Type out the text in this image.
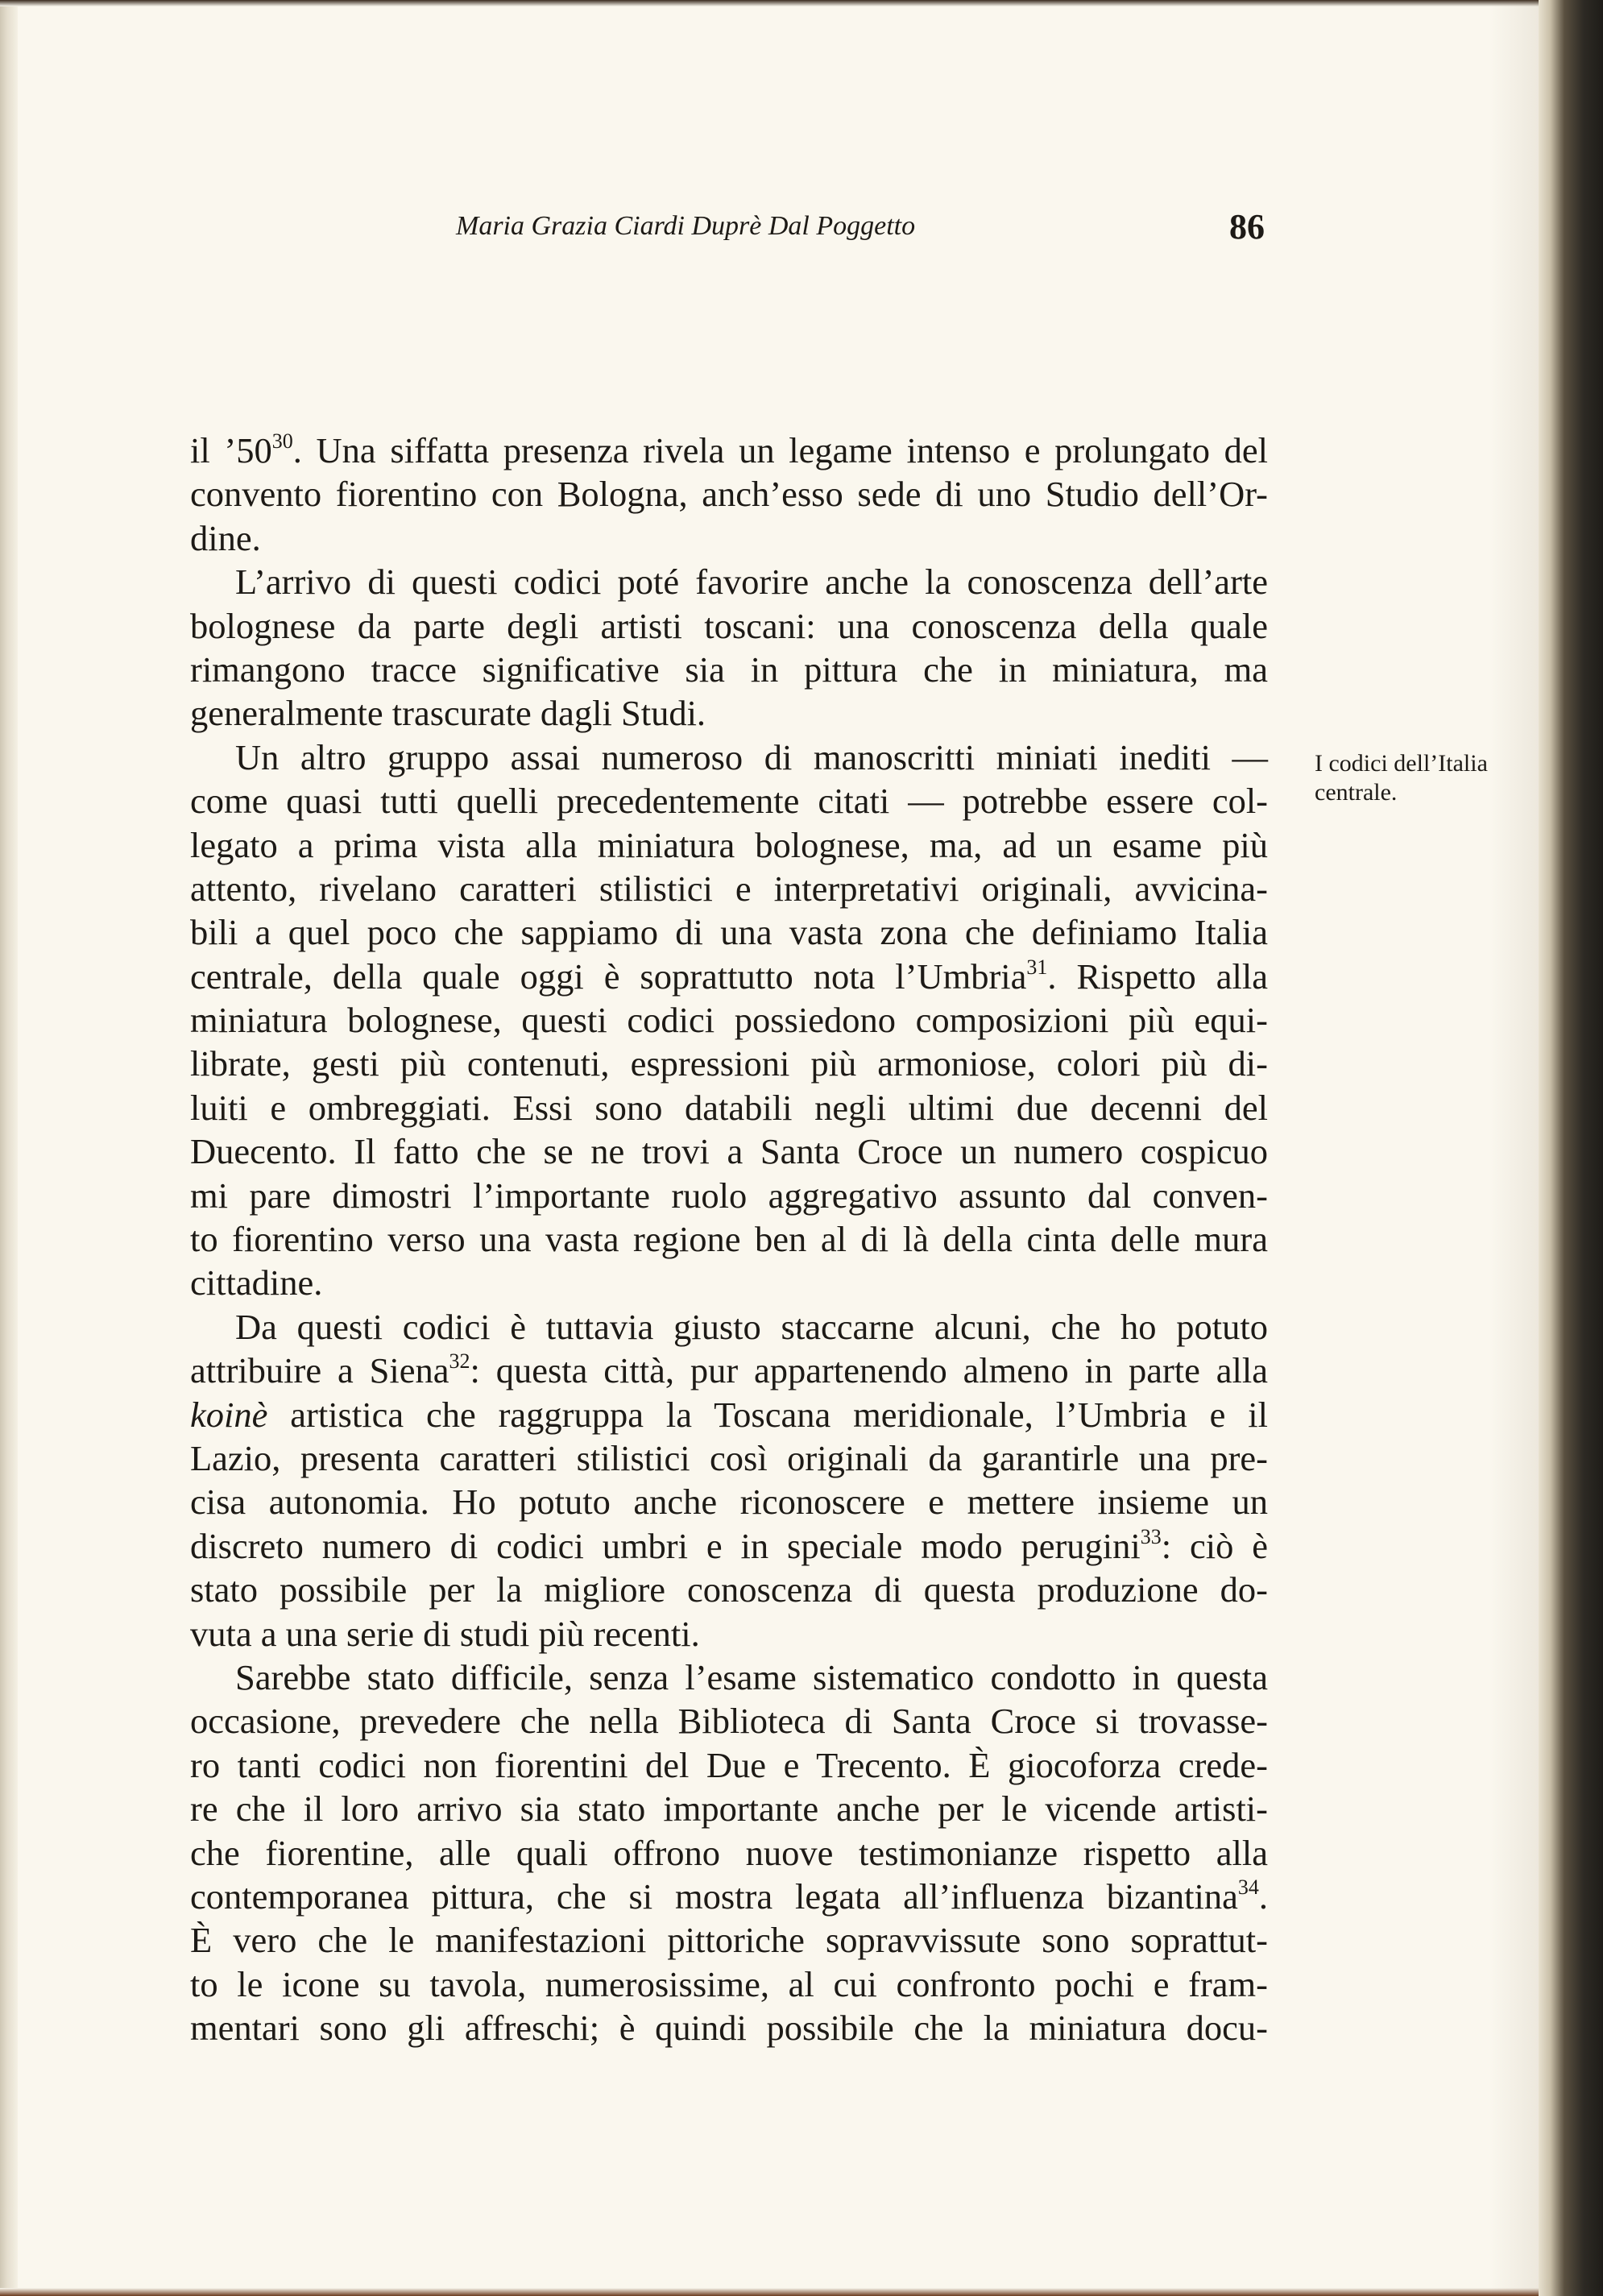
Maria Grazia Ciardi Duprè Dal Poggetto	86
il $’50^{30}$. Una siffatta presenza rivela un legame intenso e prolungato del
convento fiorentino con Bologna, anch’esso sede di uno Studio dell’Or-
dine.
L’arrivo di questi codici poté favorire anche la conoscenza dell’arte
bolognese da parte degli artisti toscani: una conoscenza della quale
rimangono tracce significative sia in pittura che in miniatura, ma
generalmente trascurate dagli Studi.
Un altro gruppo assai numeroso di manoscritti miniati inediti —
come quasi tutti quelli precedentemente citati — potrebbe essere col-
legato a prima vista alla miniatura bolognese, ma, ad un esame più
attento, rivelano caratteri stilistici e interpretativi originali, avvicina-
bili a quel poco che sappiamo di una vasta zona che definiamo Italia
centrale, della quale oggi è soprattutto nota l’Umbria$^{31}$. Rispetto alla
miniatura bolognese, questi codici possiedono composizioni più equi-
librate, gesti più contenuti, espressioni più armoniose, colori più di-
luiti e ombreggiati. Essi sono databili negli ultimi due decenni del
Duecento. Il fatto che se ne trovi a Santa Croce un numero cospicuo
mi pare dimostri l’importante ruolo aggregativo assunto dal conven-
to fiorentino verso una vasta regione ben al di là della cinta delle mura
cittadine.
Da questi codici è tuttavia giusto staccarne alcuni, che ho potuto
attribuire a Siena$^{32}$: questa città, pur appartenendo almeno in parte alla
koinè artistica che raggruppa la Toscana meridionale, l’Umbria e il
Lazio, presenta caratteri stilistici così originali da garantirle una pre-
cisa autonomia. Ho potuto anche riconoscere e mettere insieme un
discreto numero di codici umbri e in speciale modo perugini$^{33}$: ciò è
stato possibile per la migliore conoscenza di questa produzione do-
vuta a una serie di studi più recenti.
Sarebbe stato difficile, senza l’esame sistematico condotto in questa
occasione, prevedere che nella Biblioteca di Santa Croce si trovasse-
ro tanti codici non fiorentini del Due e Trecento. È giocoforza crede-
re che il loro arrivo sia stato importante anche per le vicende artisti-
che fiorentine, alle quali offrono nuove testimonianze rispetto alla
contemporanea pittura, che si mostra legata all’influenza bizantina$^{34}$.
È vero che le manifestazioni pittoriche sopravvissute sono soprattut-
to le icone su tavola, numerosissime, al cui confronto pochi e fram-
mentari sono gli affreschi; è quindi possibile che la miniatura docu-
I codici dell’Italia
centrale.
